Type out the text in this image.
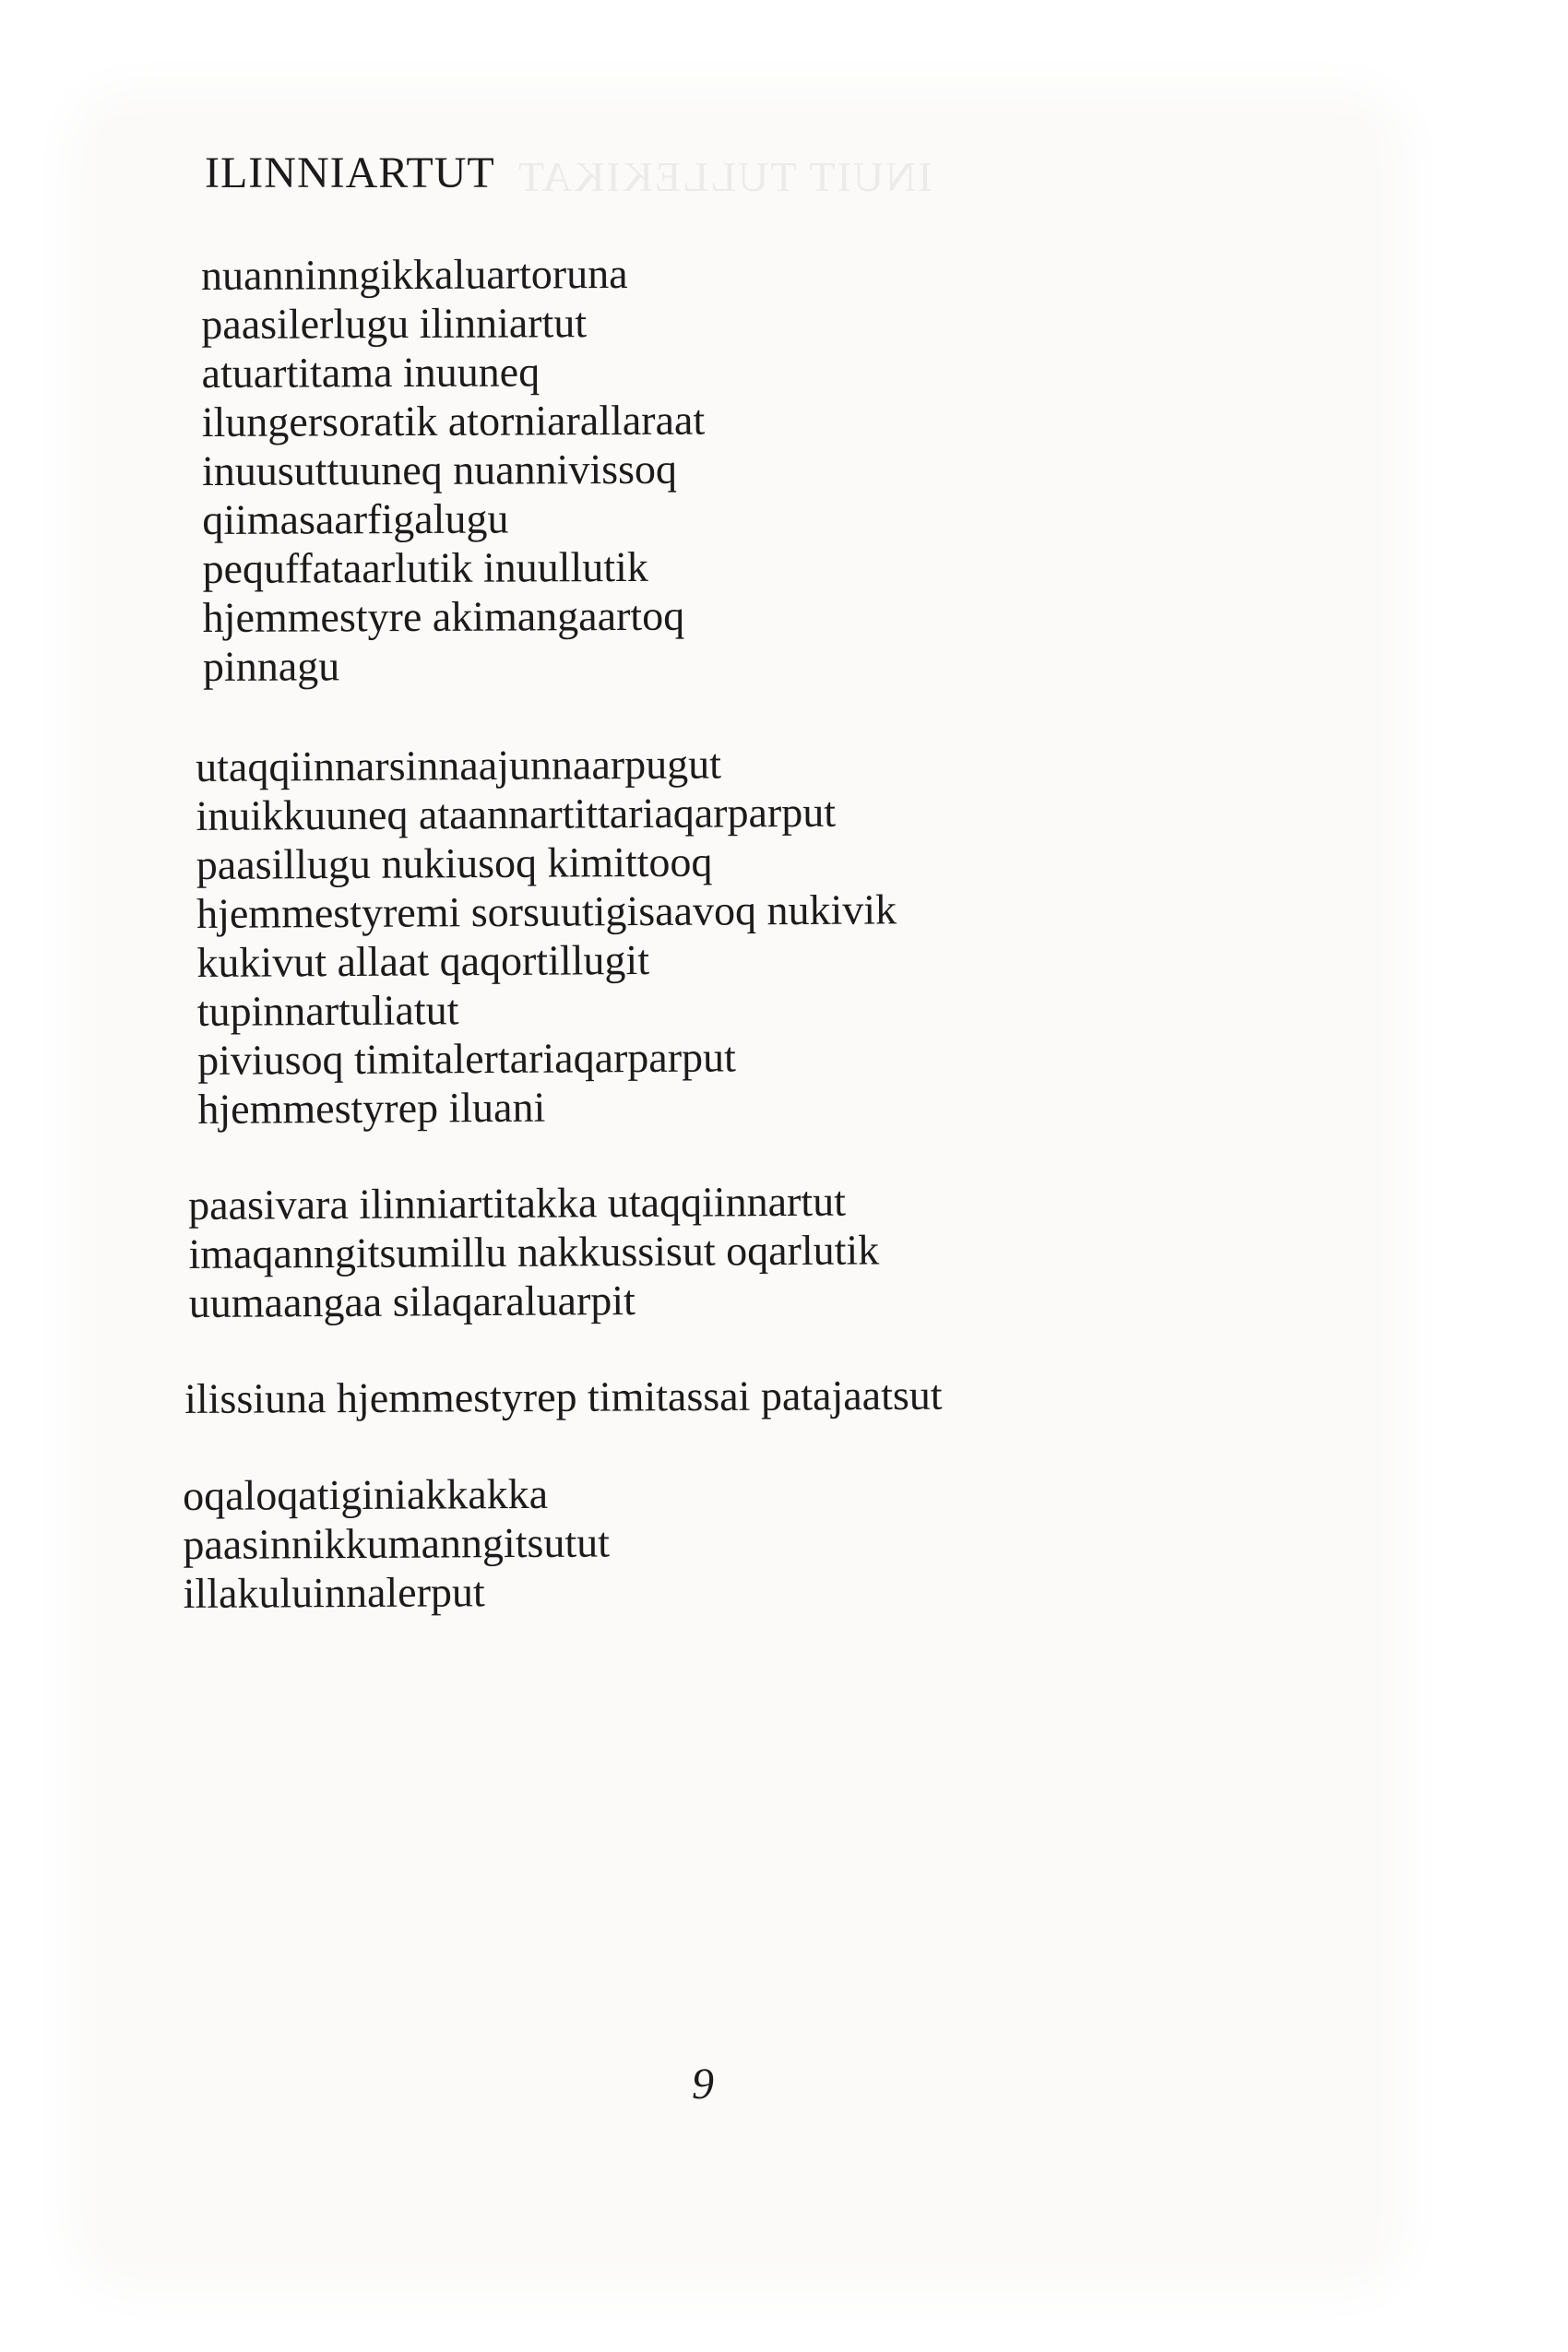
INUIT TULLEKIKAT
ILINNIARTUT
nuanninngikkaluartoruna
paasilerlugu ilinniartut
atuartitama inuuneq
ilungersoratik atorniarallaraat
inuusuttuuneq nuannivissoq
qiimasaarfigalugu
pequffataarlutik inuullutik
hjemmestyre akimangaartoq
pinnagu
utaqqiinnarsinnaajunnaarpugut
inuikkuuneq ataannartittariaqarparput
paasillugu nukiusoq kimittooq
hjemmestyremi sorsuutigisaavoq nukivik
kukivut allaat qaqortillugit
tupinnartuliatut
piviusoq timitalertariaqarparput
hjemmestyrep iluani
paasivara ilinniartitakka utaqqiinnartut
imaqanngitsumillu nakkussisut oqarlutik
uumaangaa silaqaraluarpit
ilissiuna hjemmestyrep timitassai patajaatsut
oqaloqatiginiakkakka
paasinnikkumanngitsutut
illakuluinnalerput
9
